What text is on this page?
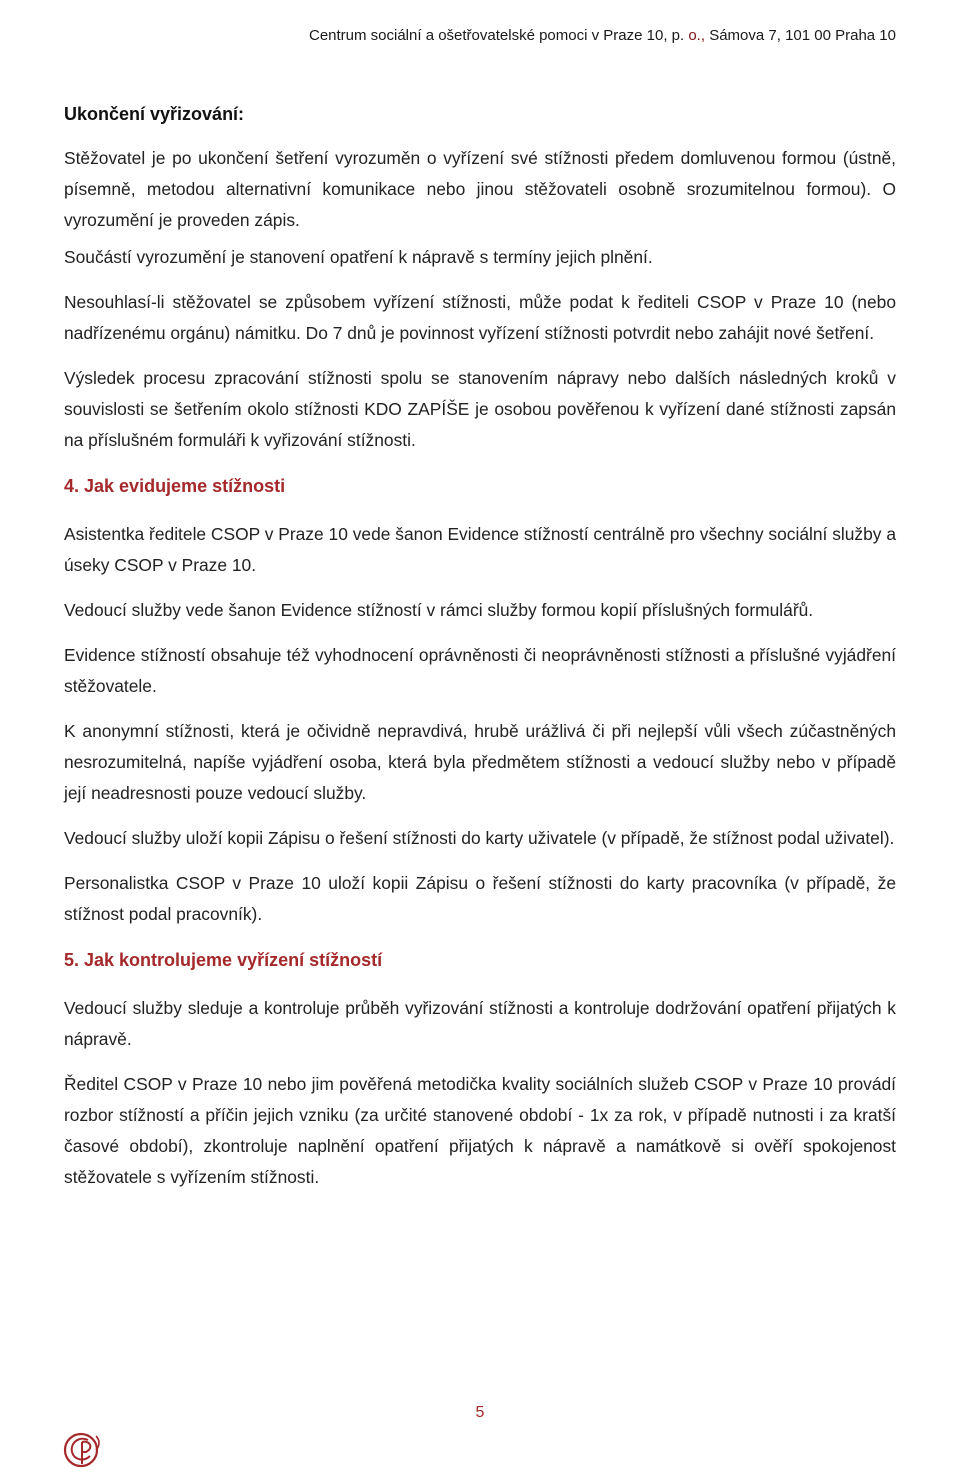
Centrum sociální a ošetřovatelské pomoci v Praze 10, p. o., Sámova 7, 101 00 Praha 10
Ukončení vyřizování:

Stěžovatel je po ukončení šetření vyrozuměn o vyřízení své stížnosti předem domluvenou formou (ústně, písemně, metodou alternativní komunikace nebo jinou stěžovateli osobně srozumitelnou formou). O vyrozumění je proveden zápis.

Součástí vyrozumění je stanovení opatření k nápravě s termíny jejich plnění.

Nesouhlasí-li stěžovatel se způsobem vyřízení stížnosti, může podat k řediteli CSOP v Praze 10 (nebo nadřízenému orgánu) námitku. Do 7 dnů je povinnost vyřízení stížnosti potvrdit nebo zahájit nové šetření.

Výsledek procesu zpracování stížnosti spolu se stanovením nápravy nebo dalších následných kroků v souvislosti se šetřením okolo stížnosti KDO ZAPÍŠE je osobou pověřenou k vyřízení dané stížnosti zapsán na příslušném formuláři k vyřizování stížnosti.

4. Jak evidujeme stížnosti

Asistentka ředitele CSOP v Praze 10 vede šanon Evidence stížností centrálně pro všechny sociální služby a úseky CSOP v Praze 10.

Vedoucí služby vede šanon Evidence stížností v rámci služby formou kopií příslušných formulářů.

Evidence stížností obsahuje též vyhodnocení oprávněnosti či neoprávněnosti stížnosti a příslušné vyjádření stěžovatele.

K anonymní stížnosti, která je očividně nepravdivá, hrubě urážlivá či při nejlepší vůli všech zúčastněných nesrozumitelná, napíše vyjádření osoba, která byla předmětem stížnosti a vedoucí služby nebo v případě její neadresnosti pouze vedoucí služby.

Vedoucí služby uloží kopii Zápisu o řešení stížnosti do karty uživatele (v případě, že stížnost podal uživatel).

Personalistka CSOP v Praze 10 uloží kopii Zápisu o řešení stížnosti do karty pracovníka (v případě, že stížnost podal pracovník).

5. Jak kontrolujeme vyřízení stížností

Vedoucí služby sleduje a kontroluje průběh vyřizování stížnosti a kontroluje dodržování opatření přijatých k nápravě.

Ředitel CSOP v Praze 10 nebo jim pověřená metodička kvality sociálních služeb CSOP v Praze 10 provádí rozbor stížností a příčin jejich vzniku (za určité stanovené období - 1x za rok, v případě nutnosti i za kratší časové období), zkontroluje naplnění opatření přijatých k nápravě a namátkově si ověří spokojenost stěžovatele s vyřízením stížnosti.

5
